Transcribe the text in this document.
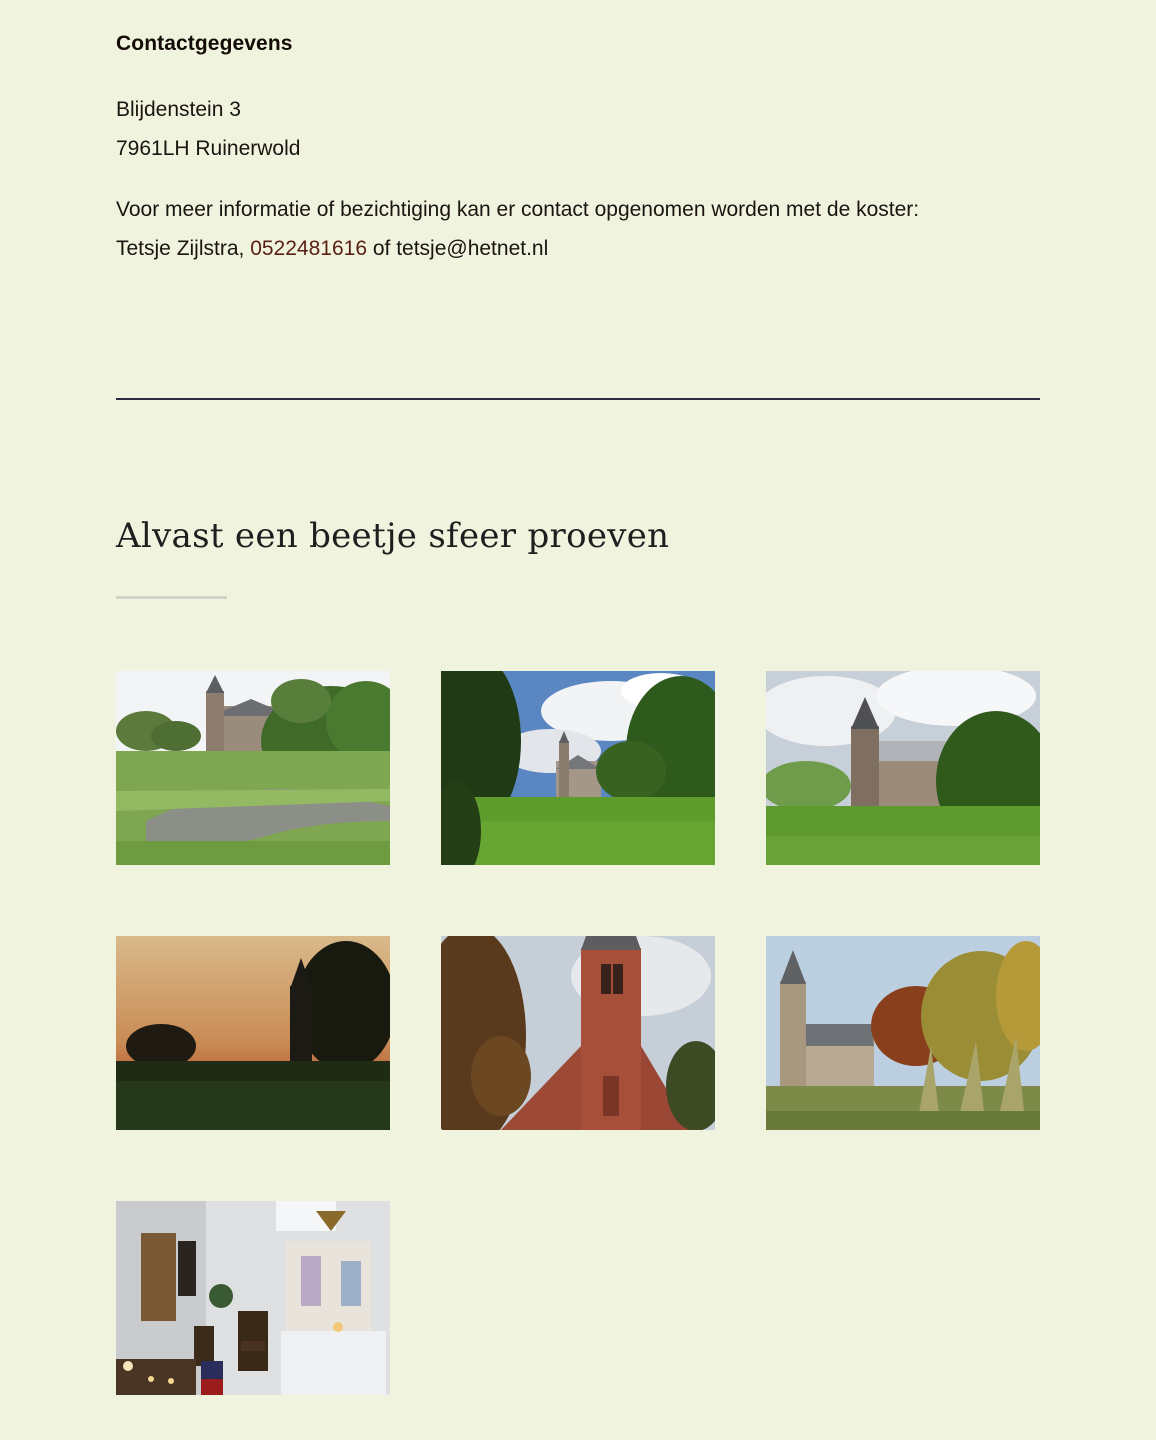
Contactgegevens

Blijdenstein 3
7961LH Ruinerwold

Voor meer informatie of bezichtiging kan er contact opgenomen worden met de koster:
Tetsje Zijlstra, 0522481616 of tetsje@hetnet.nl

Alvast een beetje sfeer proeven
